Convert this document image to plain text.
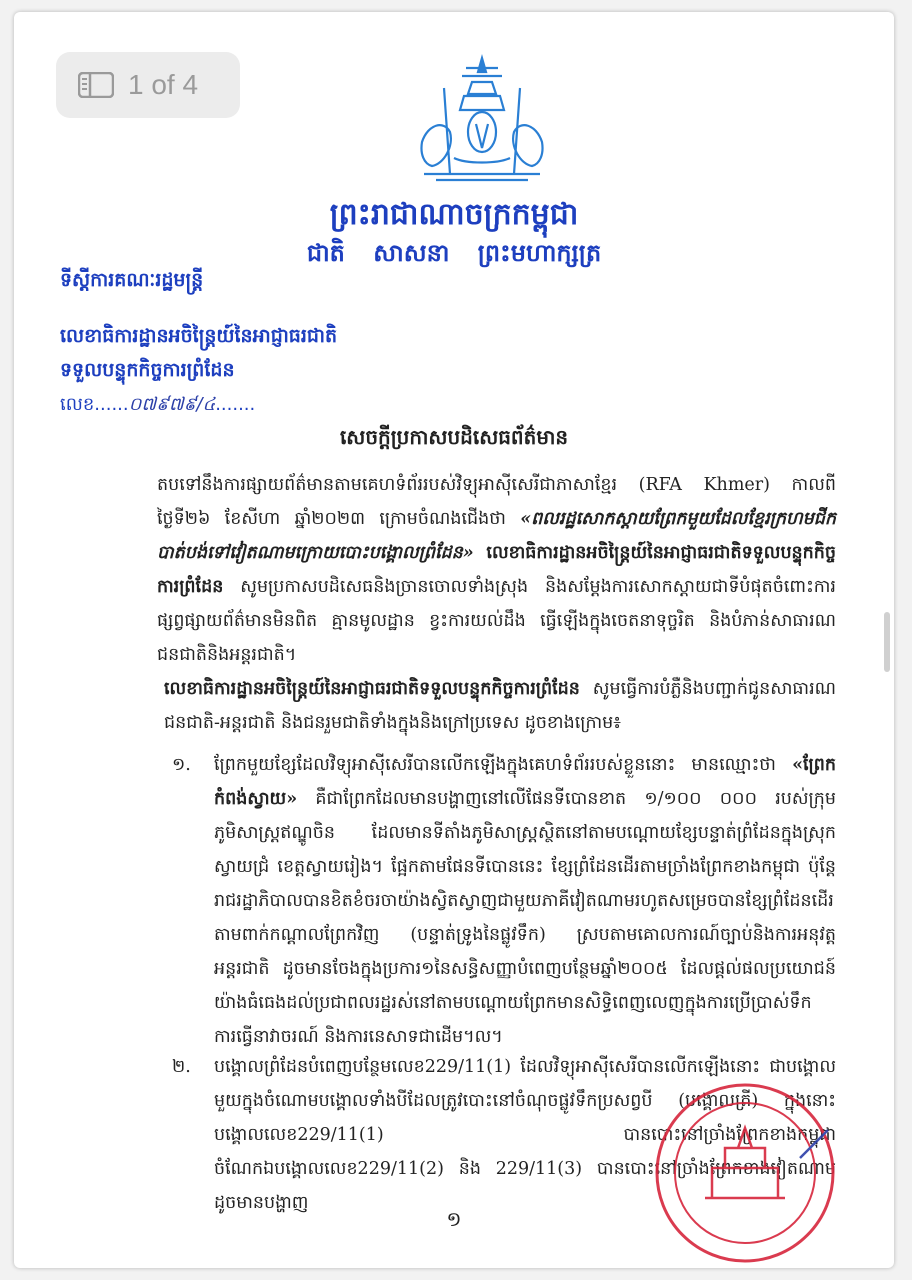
1 of 4
ព្រះរាជាណាចក្រកម្ពុជា
ជាតិ សាសនា ព្រះមហាក្សត្រ
ទីស្តីការគណៈរដ្ឋមន្ត្រី
លេខាធិការដ្ឋានអចិន្ត្រៃយ៍នៃអាជ្ញាធរជាតិ
ទទួលបន្ទុកកិច្ចការព្រំដែន
លេខ......០៧៩៧៩/៤.......
សេចក្តីប្រកាសបដិសេធព័ត៌មាន
តបទៅនឹងការផ្សាយព័ត៌មានតាមគេហទំព័ររបស់វិទ្យុអាស៊ីសេរីជាភាសាខ្មែរ (RFA Khmer) កាលពីថ្ងៃទី២៦ ខែសីហា ឆ្នាំ២០២៣ ក្រោមចំណងជើងថា «ពលរដ្ឋសោកស្តាយព្រែកមួយដែលខ្មែរក្រហមជីក បាត់បង់ទៅវៀតណាមក្រោយបោះបង្គោលព្រំដែន» លេខាធិការដ្ឋានអចិន្ត្រៃយ៍នៃអាជ្ញាធរជាតិទទួលបន្ទុកកិច្ចការព្រំដែន សូមប្រកាសបដិសេធនិងច្រានចោលទាំងស្រុង និងសម្តែងការសោកស្តាយជាទីបំផុតចំពោះការផ្សព្វផ្សាយព័ត៌មានមិនពិត គ្មានមូលដ្ឋាន ខ្វះការយល់ដឹង ធ្វើឡើងក្នុងចេតនាទុច្ចរិត និងបំភាន់សាធារណជនជាតិនិងអន្តរជាតិ។
លេខាធិការដ្ឋានអចិន្ត្រៃយ៍នៃអាជ្ញាធរជាតិទទួលបន្ទុកកិច្ចការព្រំដែន សូមធ្វើការបំភ្លឺនិងបញ្ជាក់ជូនសាធារណជនជាតិ-អន្តរជាតិ និងជនរួមជាតិទាំងក្នុងនិងក្រៅប្រទេស ដូចខាងក្រោម៖
១. ព្រែកមួយខ្សែដែលវិទ្យុអាស៊ីសេរីបានលើកឡើងក្នុងគេហទំព័ររបស់ខ្លួននោះ មានឈ្មោះថា «ព្រែកកំពង់ស្វាយ» គឺជាព្រែកដែលមានបង្ហាញនៅលើផែនទីបោនខាត ១/១០០ ០០០ របស់ក្រុមភូមិសាស្ត្រឥណ្ឌូចិន ដែលមានទីតាំងភូមិសាស្ត្រស្ថិតនៅតាមបណ្តោយខ្សែបន្ទាត់ព្រំដែនក្នុងស្រុកស្វាយជ្រំ ខេត្តស្វាយរៀង។ ផ្អែកតាមផែនទីបោននេះ ខ្សែព្រំដែនដើរតាមច្រាំងព្រែកខាងកម្ពុជា ប៉ុន្តែរាជរដ្ឋាភិបាលបានខិតខំចរចាយ៉ាងស្វិតស្វាញជាមួយភាគីវៀតណាមរហូតសម្រេចបានខ្សែព្រំដែនដើរតាមពាក់កណ្តាលព្រែកវិញ (បន្ទាត់ទ្រូងនៃផ្លូវទឹក) ស្របតាមគោលការណ៍ច្បាប់និងការអនុវត្តអន្តរជាតិ ដូចមានចែងក្នុងប្រការ១នៃសន្ធិសញ្ញាបំពេញបន្ថែមឆ្នាំ២០០៥ ដែលផ្តល់ផលប្រយោជន៍យ៉ាងធំធេងដល់ប្រជាពលរដ្ឋរស់នៅតាមបណ្តោយព្រែកមានសិទ្ធិពេញលេញក្នុងការប្រើប្រាស់ទឹក ការធ្វើនាវាចរណ៍ និងការនេសាទជាដើម។ល។
២. បង្គោលព្រំដែនបំពេញបន្ថែមលេខ229/11(1) ដែលវិទ្យុអាស៊ីសេរីបានលើកឡើងនោះ ជាបង្គោលមួយក្នុងចំណោមបង្គោលទាំងបីដែលត្រូវបោះនៅចំណុចផ្លូវទឹកប្រសព្វបី (បង្គោលត្រី) ក្នុងនោះបង្គោលលេខ229/11(1) បានបោះនៅច្រាំងព្រែកខាងកម្ពុជា ចំណែកឯបង្គោលលេខ229/11(2) និង 229/11(3) បានបោះនៅច្រាំងព្រែកខាងវៀតណាម ដូចមានបង្ហាញ
១
